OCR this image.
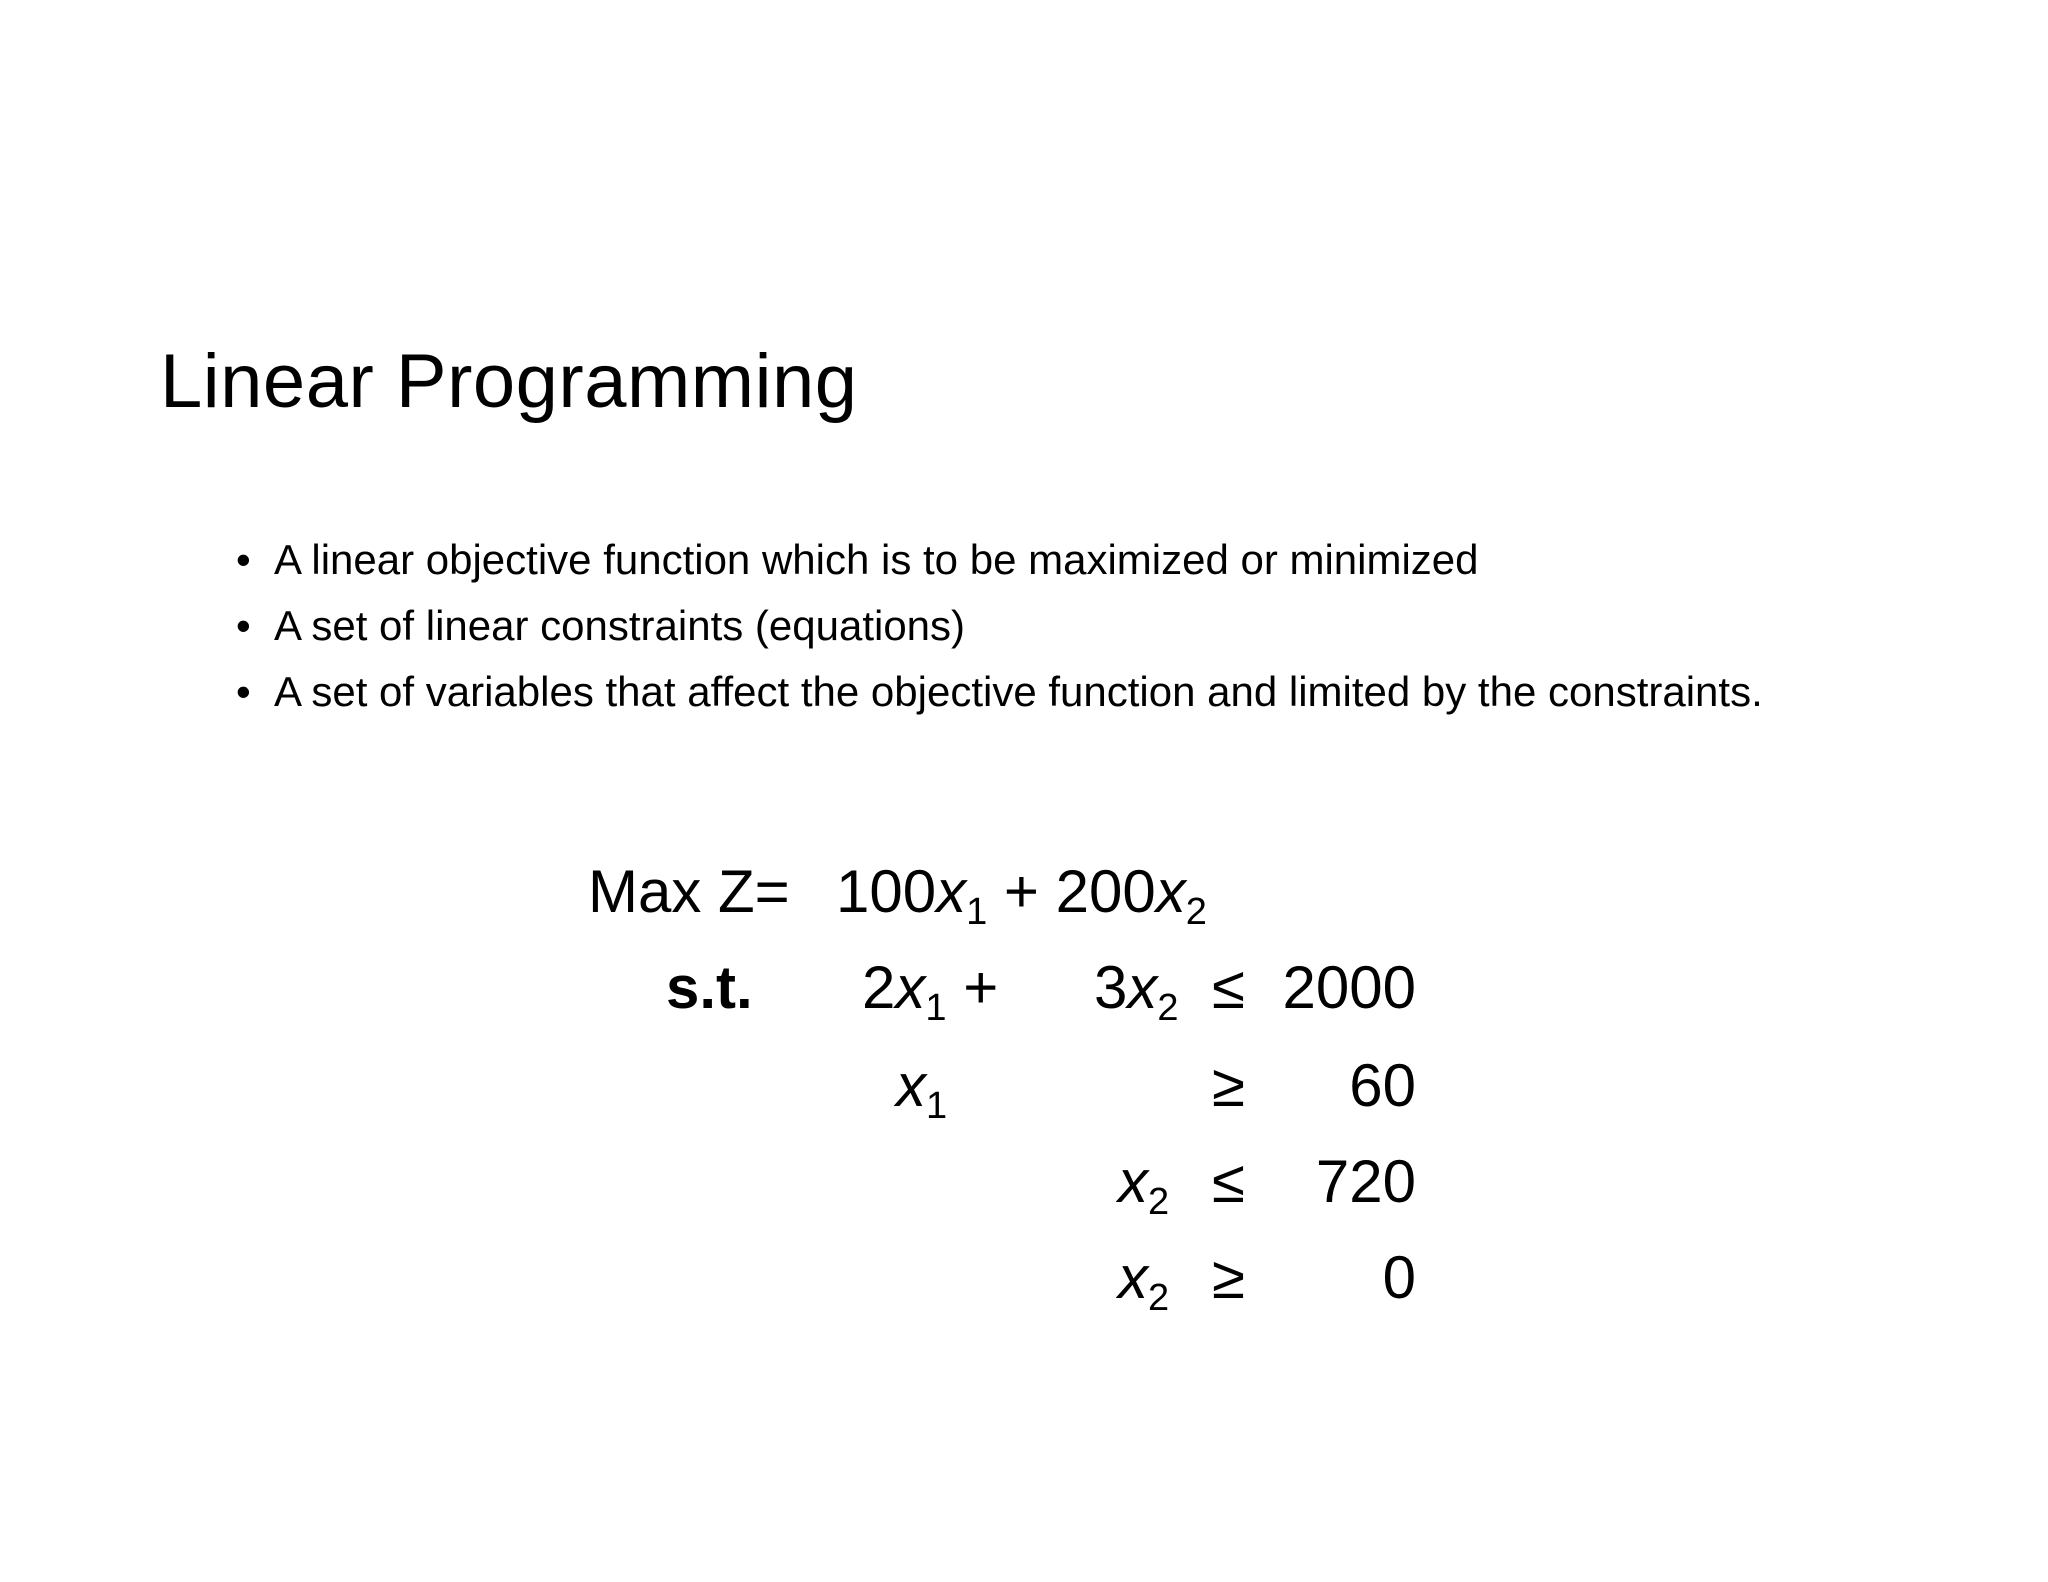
Linear Programming
• A linear objective function which is to be maximized or minimized
• A set of linear constraints (equations)
• A set of variables that affect the objective function and limited by the constraints.
Max $Z= 100x_1 + 200x_2$
s.t. $2x_1 + 3x_2 \le 2000$
$x_1$	≥	60
$x_2$ ≤	720
$x_2$ ≥	0
